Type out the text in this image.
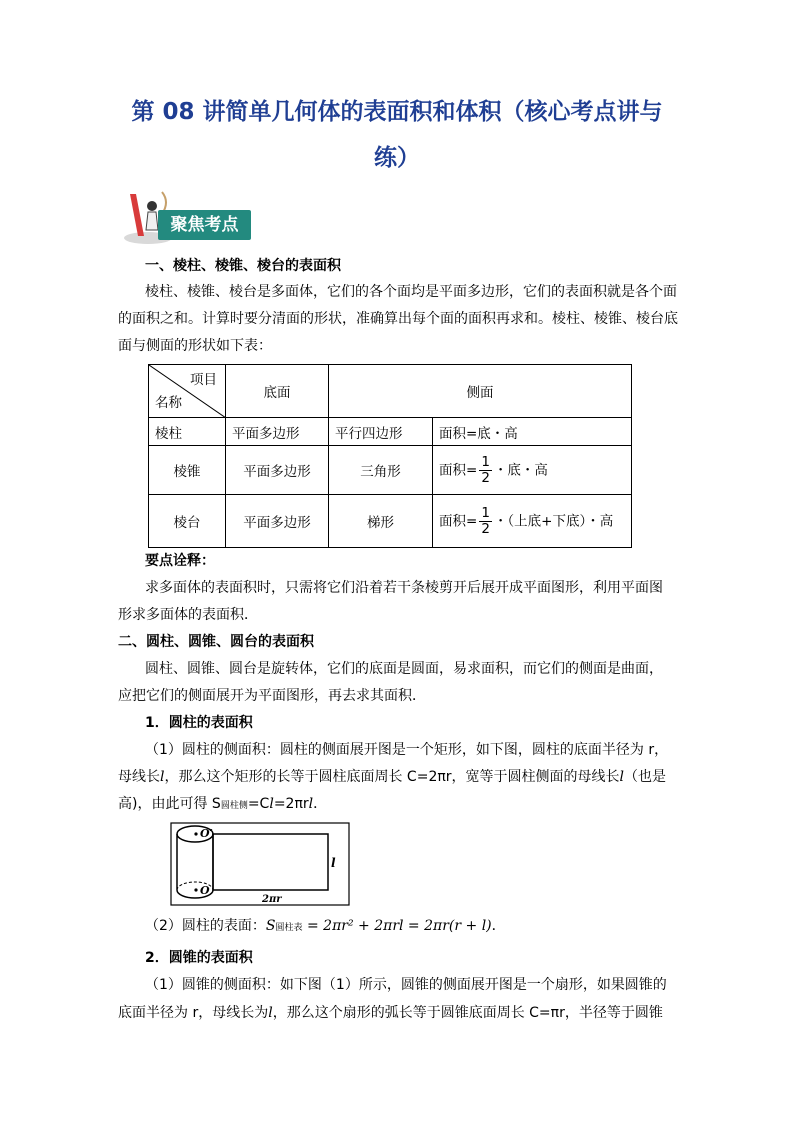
第 08 讲简单几何体的表面积和体积（核心考点讲与
练）
聚焦考点
一、棱柱、棱锥、棱台的表面积
棱柱、棱锥、棱台是多面体，它们的各个面均是平面多边形，它们的表面积就是各个面
的面积之和。计算时要分清面的形状，准确算出每个面的面积再求和。棱柱、棱锥、棱台底
面与侧面的形状如下表：
项目
名称	底面	侧面	
棱柱	平面多边形	平行四边形	面积=底・高
棱锥	平面多边形	三角形	面积= $\frac{1}{2}$ ・底・高
棱台	平面多边形	梯形	面积= $\frac{1}{2}$ ・（上底+下底）・高
要点诠释：
求多面体的表面积时，只需将它们沿着若干条棱剪开后展开成平面图形，利用平面图
形求多面体的表面积．
二、圆柱、圆锥、圆台的表面积
圆柱、圆锥、圆台是旋转体，它们的底面是圆面，易求面积，而它们的侧面是曲面，
应把它们的侧面展开为平面图形，再去求其面积．
1．圆柱的表面积
（1）圆柱的侧面积：圆柱的侧面展开图是一个矩形，如下图，圆柱的底面半径为 r，
母线长l，那么这个矩形的长等于圆柱底面周长 C=2πr，宽等于圆柱侧面的母线长l（也是
高)，由此可得 S圆柱侧=Cl=2πrl．
O′
O
l
2πr
（2）圆柱的表面：S圆柱表 = 2πr² + 2πrl = 2πr(r + l)．
2．圆锥的表面积
（1）圆锥的侧面积：如下图（1）所示，圆锥的侧面展开图是一个扇形，如果圆锥的
底面半径为 r，母线长为l，那么这个扇形的弧长等于圆锥底面周长 C=πr，半径等于圆锥
